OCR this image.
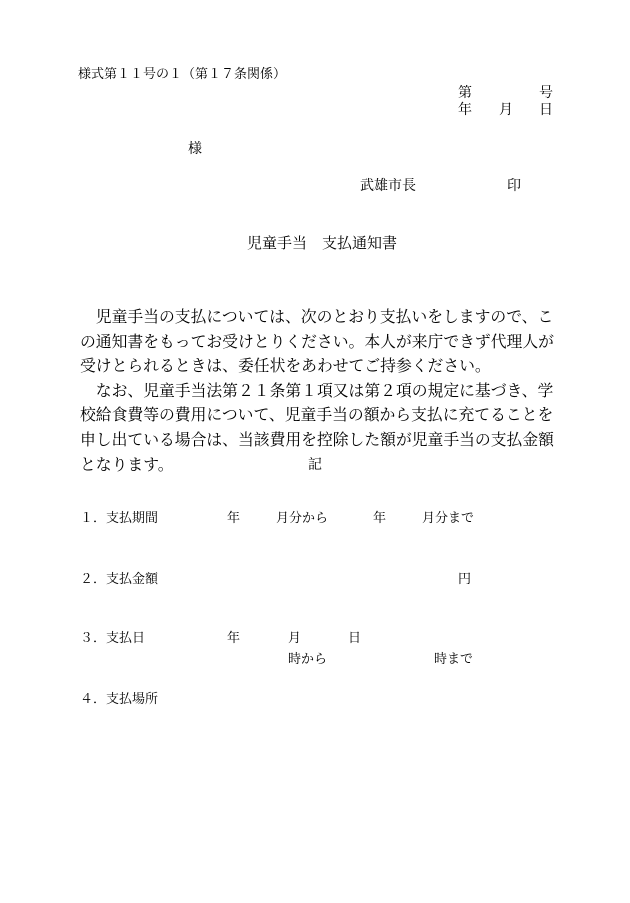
様式第１１号の１（第１７条関係）
第	号
年 月 日
様
武雄市長	印
児童手当　支払通知書

児童手当の支払については、次のとおり支払いをしますので、この通知書をもってお受けとりください。本人が来庁できず代理人が受けとられるときは、委任状をあわせてご持参ください。

なお、児童手当法第２１条第１項又は第２項の規定に基づき、学校給食費等の費用について、児童手当の額から支払に充てることを申し出ている場合は、当該費用を控除した額が児童手当の支払金額となります。	記
１．支払期間	年	月分から	年	月分まで
２．支払金額	円
３．支払日	年	月	日
時から	時まで
４．支払場所
